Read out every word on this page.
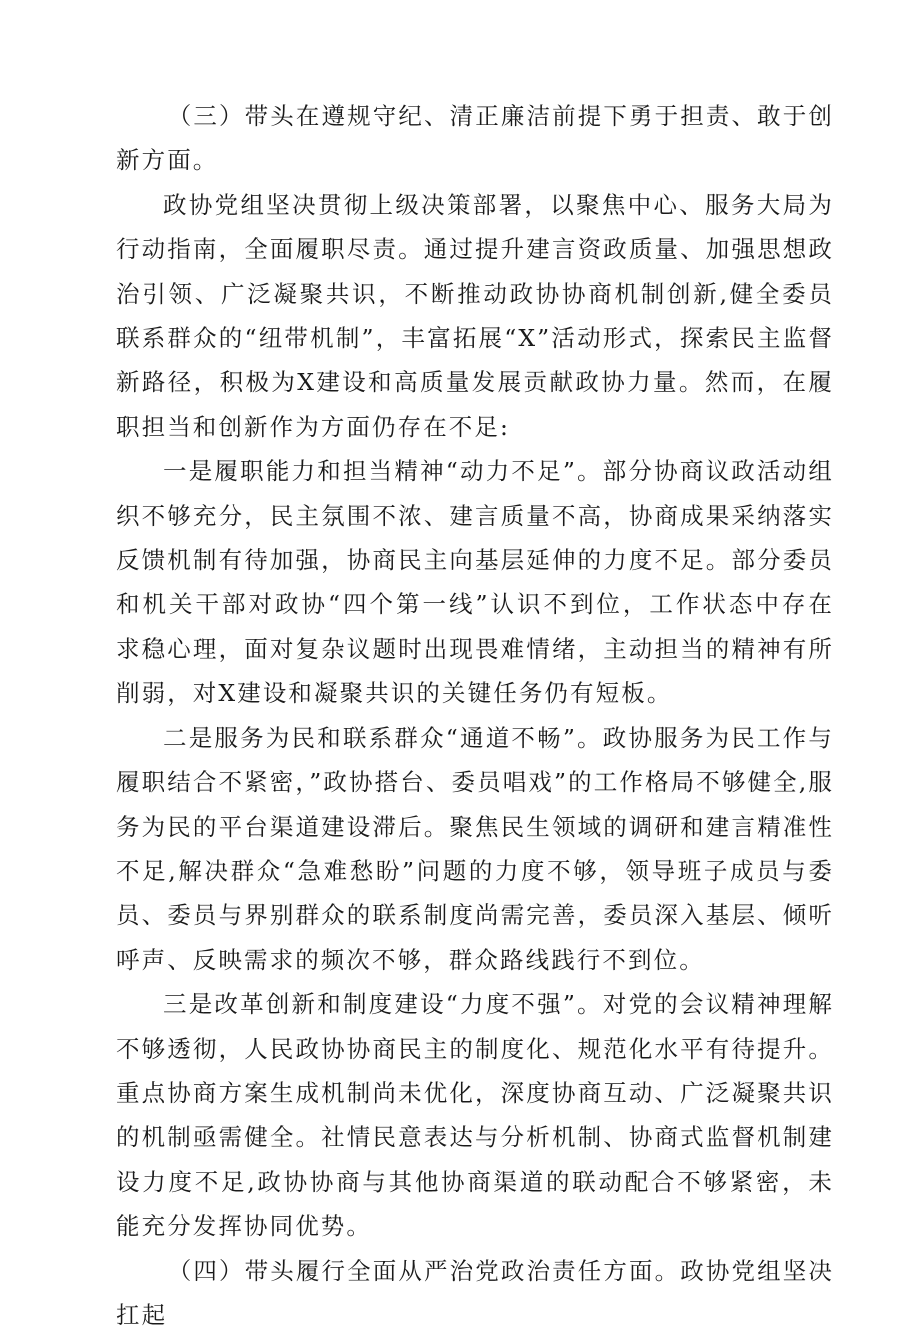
（三）带头在遵规守纪、清正廉洁前提下勇于担责、敢于创新方面。

政协党组坚决贯彻上级决策部署，以聚焦中心、服务大局为行动指南，全面履职尽责。通过提升建言资政质量、加强思想政治引领、广泛凝聚共识，不断推动政协协商机制创新,健全委员联系群众的“纽带机制”，丰富拓展“X”活动形式，探索民主监督新路径，积极为X建设和高质量发展贡献政协力量。然而，在履职担当和创新作为方面仍存在不足:

一是履职能力和担当精神“动力不足”。部分协商议政活动组织不够充分，民主氛围不浓、建言质量不高，协商成果采纳落实反馈机制有待加强，协商民主向基层延伸的力度不足。部分委员和机关干部对政协“四个第一线”认识不到位，工作状态中存在求稳心理，面对复杂议题时出现畏难情绪，主动担当的精神有所削弱，对X建设和凝聚共识的关键任务仍有短板。

二是服务为民和联系群众“通道不畅”。政协服务为民工作与履职结合不紧密，”政协搭台、委员唱戏”的工作格局不够健全,服务为民的平台渠道建设滞后。聚焦民生领域的调研和建言精准性不足,解决群众“急难愁盼”问题的力度不够，领导班子成员与委员、委员与界别群众的联系制度尚需完善，委员深入基层、倾听呼声、反映需求的频次不够，群众路线践行不到位。

三是改革创新和制度建设“力度不强”。对党的会议精神理解不够透彻，人民政协协商民主的制度化、规范化水平有待提升。重点协商方案生成机制尚未优化，深度协商互动、广泛凝聚共识的机制亟需健全。社情民意表达与分析机制、协商式监督机制建设力度不足,政协协商与其他协商渠道的联动配合不够紧密，未能充分发挥协同优势。

（四）带头履行全面从严治党政治责任方面。政协党组坚决扛起
